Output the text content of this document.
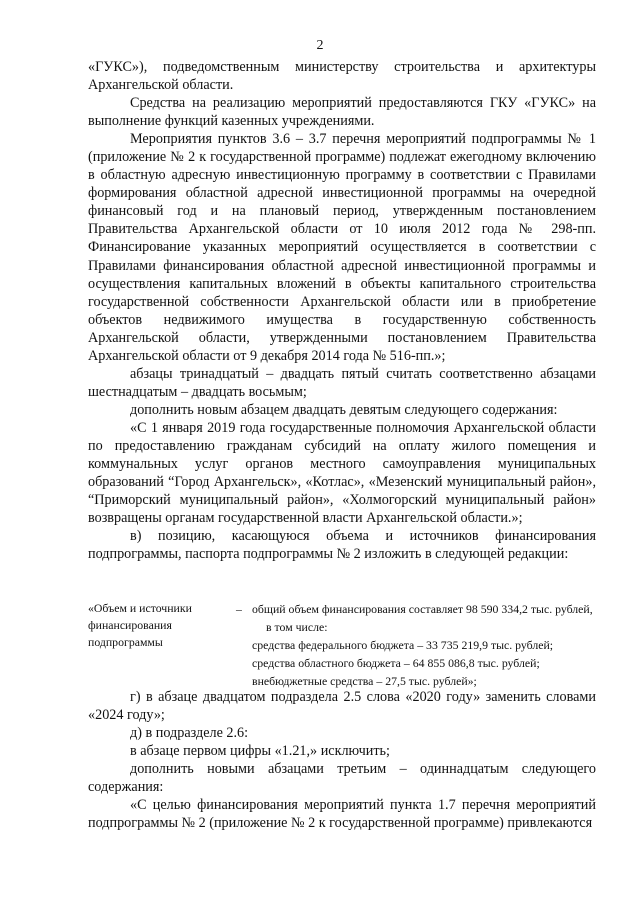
2

«ГУКС»), подведомственным министерству строительства и архитектуры Архангельской области.

Средства на реализацию мероприятий предоставляются ГКУ «ГУКС» на выполнение функций казенных учреждениями.

Мероприятия пунктов 3.6 – 3.7 перечня мероприятий подпрограммы № 1 (приложение № 2 к государственной программе) подлежат ежегодному включению в областную адресную инвестиционную программу в соответствии с Правилами формирования областной адресной инвестиционной программы на очередной финансовый год и на плановый период, утвержденным постановлением Правительства Архангельской области от 10 июля 2012 года № 298-пп. Финансирование указанных мероприятий осуществляется в соответствии с Правилами финансирования областной адресной инвестиционной программы и осуществления капитальных вложений в объекты капитального строительства государственной собственности Архангельской области или в приобретение объектов недвижимого имущества в государственную собственность Архангельской области, утвержденными постановлением Правительства Архангельской области от 9 декабря 2014 года № 516-пп.»;

абзацы тринадцатый – двадцать пятый считать соответственно абзацами шестнадцатым – двадцать восьмым;

дополнить новым абзацем двадцать девятым следующего содержания:

«С 1 января 2019 года государственные полномочия Архангельской области по предоставлению гражданам субсидий на оплату жилого помещения и коммунальных услуг органов местного самоуправления муниципальных образований “Город Архангельск», «Котлас», «Мезенский муниципальный район», “Приморский муниципальный район», «Холмогорский муниципальный район» возвращены органам государственной власти Архангельской области.»;

в) позицию, касающуюся объема и источников финансирования подпрограммы, паспорта подпрограммы № 2 изложить в следующей редакции:

«Объем и источники финансирования подпрограммы
– общий объем финансирования составляет 98 590 334,2 тыс. рублей, в том числе:

средства федерального бюджета – 33 735 219,9 тыс. рублей;

средства областного бюджета – 64 855 086,8 тыс. рублей;

внебюджетные средства – 27,5 тыс. рублей»;

г) в абзаце двадцатом подраздела 2.5 слова «2020 году» заменить словами «2024 году»;

д) в подразделе 2.6:

в абзаце первом цифры «1.21,» исключить;

дополнить новыми абзацами третьим – одиннадцатым следующего содержания:

«С целью финансирования мероприятий пункта 1.7 перечня мероприятий подпрограммы № 2 (приложение № 2 к государственной программе) привлекаются
